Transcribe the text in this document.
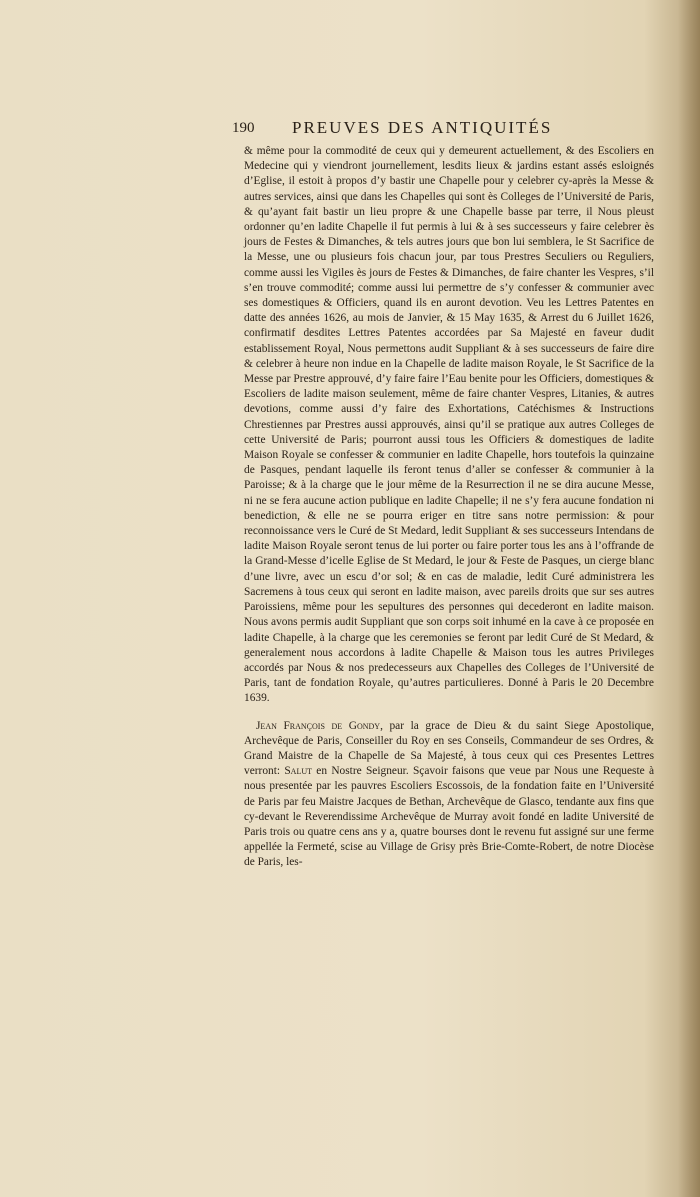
190 PREUVES DES ANTIQUITÉS

& même pour la commodité de ceux qui y demeurent actuellement, & des Escoliers en Medecine qui y viendront journellement, lesdits lieux & jardins estant assés esloignés d’Eglise, il estoit à propos d’y bastir une Chapelle pour y celebrer cy-après la Messe & autres services, ainsi que dans les Chapelles qui sont ès Colleges de l’Université de Paris, & qu’ayant fait bastir un lieu propre & une Chapelle basse par terre, il Nous pleust ordonner qu’en ladite Chapelle il fut permis à lui & à ses successeurs y faire celebrer ès jours de Festes & Dimanches, & tels autres jours que bon lui semblera, le St Sacrifice de la Messe, une ou plusieurs fois chacun jour, par tous Prestres Seculiers ou Reguliers, comme aussi les Vigiles ès jours de Festes & Dimanches, de faire chanter les Vespres, s’il s’en trouve commodité; comme aussi lui permettre de s’y confesser & communier avec ses domestiques & Officiers, quand ils en auront devotion. Veu les Lettres Patentes en datte des années 1626, au mois de Janvier, & 15 May 1635, & Arrest du 6 Juillet 1626, confirmatif desdites Lettres Patentes accordées par Sa Majesté en faveur dudit establissement Royal, Nous permettons audit Suppliant & à ses successeurs de faire dire & celebrer à heure non indue en la Chapelle de ladite maison Royale, le St Sacrifice de la Messe par Prestre approuvé, d’y faire faire l’Eau benite pour les Officiers, domestiques & Escoliers de ladite maison seulement, même de faire chanter Vespres, Litanies, & autres devotions, comme aussi d’y faire des Exhortations, Catéchismes & Instructions Chrestiennes par Prestres aussi approuvés, ainsi qu’il se pratique aux autres Colleges de cette Université de Paris; pourront aussi tous les Officiers & domestiques de ladite Maison Royale se confesser & communier en ladite Chapelle, hors toutefois la quinzaine de Pasques, pendant laquelle ils feront tenus d’aller se confesser & communier à la Paroisse; & à la charge que le jour même de la Resurrection il ne se dira aucune Messe, ni ne se fera aucune action publique en ladite Chapelle; il ne s’y fera aucune fondation ni benediction, & elle ne se pourra eriger en titre sans notre permission: & pour reconnoissance vers le Curé de St Medard, ledit Suppliant & ses successeurs Intendans de ladite Maison Royale seront tenus de lui porter ou faire porter tous les ans à l’offrande de la Grand-Messe d’icelle Eglise de St Medard, le jour & Feste de Pasques, un cierge blanc d’une livre, avec un escu d’or sol; & en cas de maladie, ledit Curé administrera les Sacremens à tous ceux qui seront en ladite maison, avec pareils droits que sur ses autres Paroissiens, même pour les sepultures des personnes qui decederont en ladite maison. Nous avons permis audit Suppliant que son corps soit inhumé en la cave à ce proposée en ladite Chapelle, à la charge que les ceremonies se feront par ledit Curé de St Medard, & generalement nous accordons à ladite Chapelle & Maison tous les autres Privileges accordés par Nous & nos predecesseurs aux Chapelles des Colleges de l’Université de Paris, tant de fondation Royale, qu’autres particulieres. Donné à Paris le 20 Decembre 1639.

Jean François de Gondy, par la grace de Dieu & du saint Siege Apostolique, Archevêque de Paris, Conseiller du Roy en ses Conseils, Commandeur de ses Ordres, & Grand Maistre de la Chapelle de Sa Majesté, à tous ceux qui ces Presentes Lettres verront: Salut en Nostre Seigneur. Sçavoir faisons que veue par Nous une Requeste à nous presentée par les pauvres Escoliers Escossois, de la fondation faite en l’Université de Paris par feu Maistre Jacques de Bethan, Archevêque de Glasco, tendante aux fins que cy-devant le Reverendissime Archevêque de Murray avoit fondé en ladite Université de Paris trois ou quatre cens ans y a, quatre bourses dont le revenu fut assigné sur une ferme appellée la Fermeté, scise au Village de Grisy près Brie-Comte-Robert, de notre Diocèse de Paris, les-
